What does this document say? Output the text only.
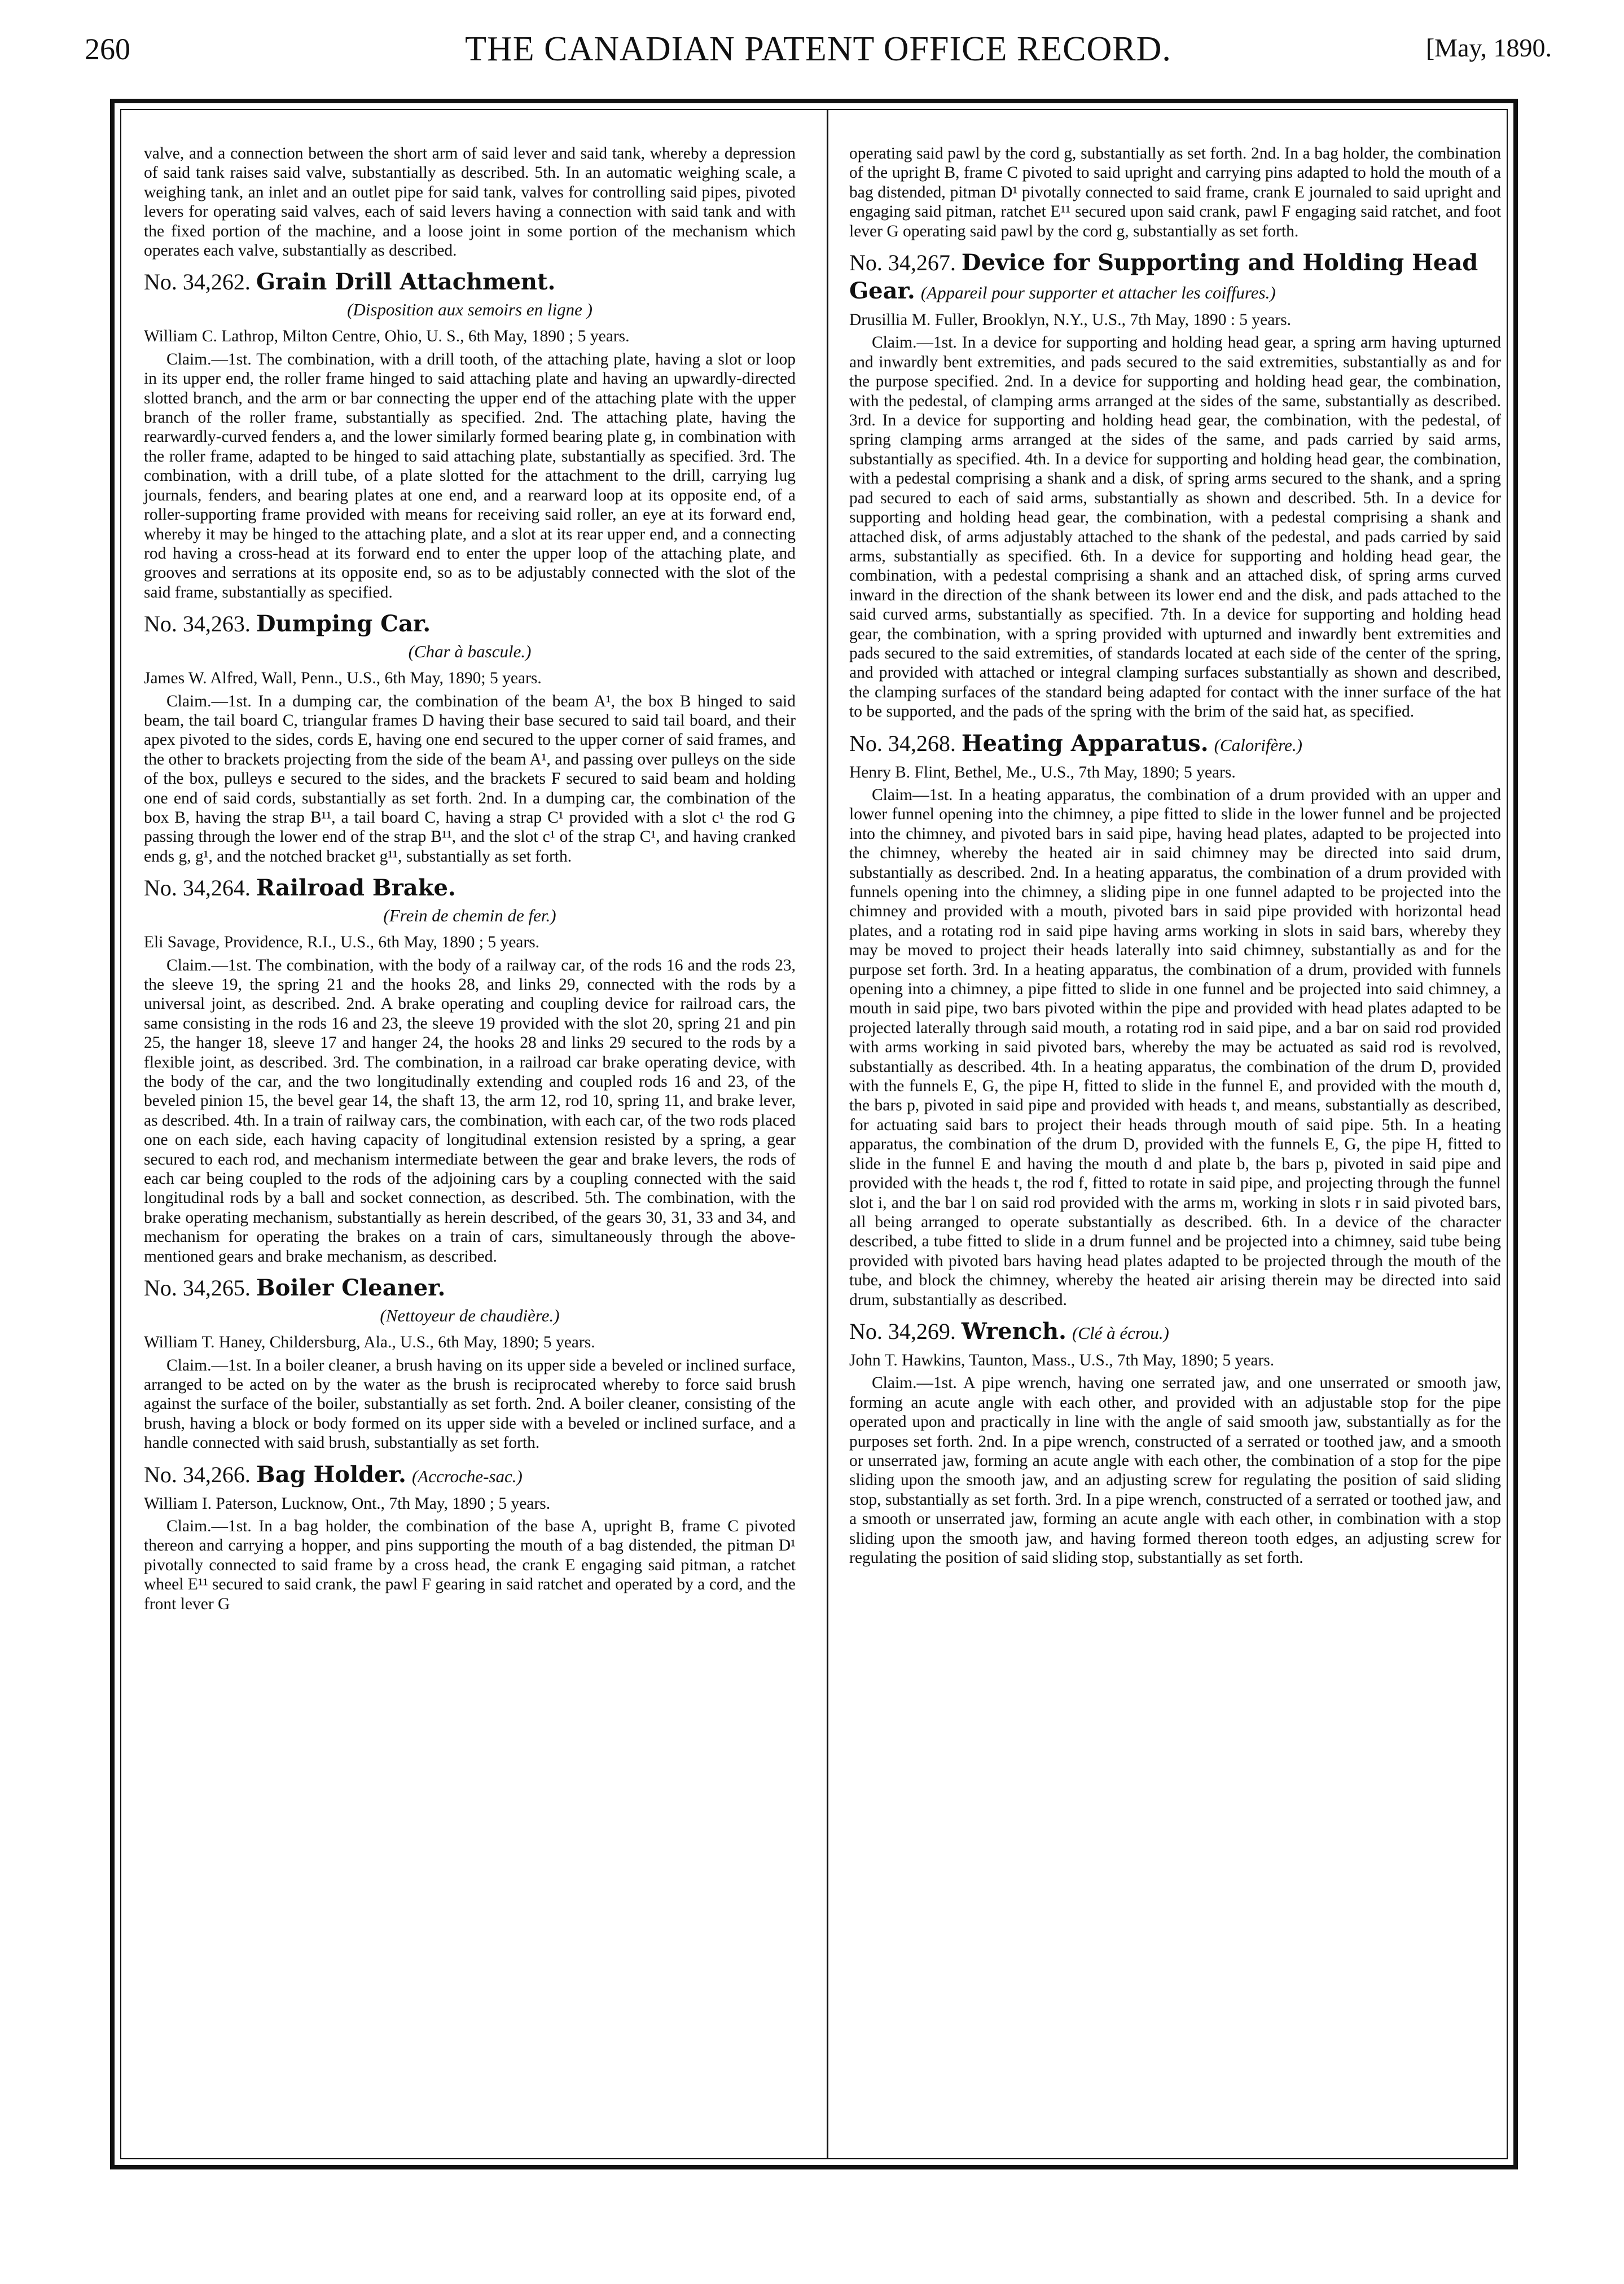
260	THE CANADIAN PATENT OFFICE RECORD.	[May, 1890.

valve, and a connection between the short arm of said lever and said tank, whereby a depression of said tank raises said valve, substantially as described. 5th. In an automatic weighing scale, a weighing tank, an inlet and an outlet pipe for said tank, valves for controlling said pipes, pivoted levers for operating said valves, each of said levers having a connection with said tank and with the fixed portion of the machine, and a loose joint in some portion of the mechanism which operates each valve, substantially as described.

No. 34,262. Grain Drill Attachment.
(Disposition aux semoirs en ligne )

William C. Lathrop, Milton Centre, Ohio, U. S., 6th May, 1890 ; 5 years.

Claim.—1st. The combination, with a drill tooth, of the attaching plate, having a slot or loop in its upper end, the roller frame hinged to said attaching plate and having an upwardly-directed slotted branch, and the arm or bar connecting the upper end of the attaching plate with the upper branch of the roller frame, substantially as specified. 2nd. The attaching plate, having the rearwardly-curved fenders a, and the lower similarly formed bearing plate g, in combination with the roller frame, adapted to be hinged to said attaching plate, substantially as specified. 3rd. The combination, with a drill tube, of a plate slotted for the attachment to the drill, carrying lug journals, fenders, and bearing plates at one end, and a rearward loop at its opposite end, of a roller-supporting frame provided with means for receiving said roller, an eye at its forward end, whereby it may be hinged to the attaching plate, and a slot at its rear upper end, and a connecting rod having a cross-head at its forward end to enter the upper loop of the attaching plate, and grooves and serrations at its opposite end, so as to be adjustably connected with the slot of the said frame, substantially as specified.

No. 34,263. Dumping Car.
(Char à bascule.)

James W. Alfred, Wall, Penn., U.S., 6th May, 1890; 5 years.

Claim.—1st. In a dumping car, the combination of the beam A¹, the box B hinged to said beam, the tail board C, triangular frames D having their base secured to said tail board, and their apex pivoted to the sides, cords E, having one end secured to the upper corner of said frames, and the other to brackets projecting from the side of the beam A¹, and passing over pulleys on the side of the box, pulleys e secured to the sides, and the brackets F secured to said beam and holding one end of said cords, substantially as set forth. 2nd. In a dumping car, the combination of the box B, having the strap B¹¹, a tail board C, having a strap C¹ provided with a slot c¹ the rod G passing through the lower end of the strap B¹¹, and the slot c¹ of the strap C¹, and having cranked ends g, g¹, and the notched bracket g¹¹, substantially as set forth.

No. 34,264. Railroad Brake.
(Frein de chemin de fer.)

Eli Savage, Providence, R.I., U.S., 6th May, 1890 ; 5 years.

Claim.—1st. The combination, with the body of a railway car, of the rods 16 and the rods 23, the sleeve 19, the spring 21 and the hooks 28, and links 29, connected with the rods by a universal joint, as described. 2nd. A brake operating and coupling device for railroad cars, the same consisting in the rods 16 and 23, the sleeve 19 provided with the slot 20, spring 21 and pin 25, the hanger 18, sleeve 17 and hanger 24, the hooks 28 and links 29 secured to the rods by a flexible joint, as described. 3rd. The combination, in a railroad car brake operating device, with the body of the car, and the two longitudinally extending and coupled rods 16 and 23, of the beveled pinion 15, the bevel gear 14, the shaft 13, the arm 12, rod 10, spring 11, and brake lever, as described. 4th. In a train of railway cars, the combination, with each car, of the two rods placed one on each side, each having capacity of longitudinal extension resisted by a spring, a gear secured to each rod, and mechanism intermediate between the gear and brake levers, the rods of each car being coupled to the rods of the adjoining cars by a coupling connected with the said longitudinal rods by a ball and socket connection, as described. 5th. The combination, with the brake operating mechanism, substantially as herein described, of the gears 30, 31, 33 and 34, and mechanism for operating the brakes on a train of cars, simultaneously through the above-mentioned gears and brake mechanism, as described.

No. 34,265. Boiler Cleaner.
(Nettoyeur de chaudière.)

William T. Haney, Childersburg, Ala., U.S., 6th May, 1890; 5 years.

Claim.—1st. In a boiler cleaner, a brush having on its upper side a beveled or inclined surface, arranged to be acted on by the water as the brush is reciprocated whereby to force said brush against the surface of the boiler, substantially as set forth. 2nd. A boiler cleaner, consisting of the brush, having a block or body formed on its upper side with a beveled or inclined surface, and a handle connected with said brush, substantially as set forth.

No. 34,266. Bag Holder. (Accroche-sac.)

William I. Paterson, Lucknow, Ont., 7th May, 1890 ; 5 years.

Claim.—1st. In a bag holder, the combination of the base A, upright B, frame C pivoted thereon and carrying a hopper, and pins supporting the mouth of a bag distended, the pitman D¹ pivotally connected to said frame by a cross head, the crank E engaging said pitman, a ratchet wheel E¹¹ secured to said crank, the pawl F gearing in said ratchet and operated by a cord, and the front lever G

operating said pawl by the cord g, substantially as set forth. 2nd. In a bag holder, the combination of the upright B, frame C pivoted to said upright and carrying pins adapted to hold the mouth of a bag distended, pitman D¹ pivotally connected to said frame, crank E journaled to said upright and engaging said pitman, ratchet E¹¹ secured upon said crank, pawl F engaging said ratchet, and foot lever G operating said pawl by the cord g, substantially as set forth.

No. 34,267. Device for Supporting and Holding Head Gear. (Appareil pour supporter et attacher les coiffures.)

Drusillia M. Fuller, Brooklyn, N.Y., U.S., 7th May, 1890 : 5 years.

Claim.—1st. In a device for supporting and holding head gear, a spring arm having upturned and inwardly bent extremities, and pads secured to the said extremities, substantially as and for the purpose specified. 2nd. In a device for supporting and holding head gear, the combination, with the pedestal, of clamping arms arranged at the sides of the same, substantially as described. 3rd. In a device for supporting and holding head gear, the combination, with the pedestal, of spring clamping arms arranged at the sides of the same, and pads carried by said arms, substantially as specified. 4th. In a device for supporting and holding head gear, the combination, with a pedestal comprising a shank and a disk, of spring arms secured to the shank, and a spring pad secured to each of said arms, substantially as shown and described. 5th. In a device for supporting and holding head gear, the combination, with a pedestal comprising a shank and attached disk, of arms adjustably attached to the shank of the pedestal, and pads carried by said arms, substantially as specified. 6th. In a device for supporting and holding head gear, the combination, with a pedestal comprising a shank and an attached disk, of spring arms curved inward in the direction of the shank between its lower end and the disk, and pads attached to the said curved arms, substantially as specified. 7th. In a device for supporting and holding head gear, the combination, with a spring provided with upturned and inwardly bent extremities and pads secured to the said extremities, of standards located at each side of the center of the spring, and provided with attached or integral clamping surfaces substantially as shown and described, the clamping surfaces of the standard being adapted for contact with the inner surface of the hat to be supported, and the pads of the spring with the brim of the said hat, as specified.

No. 34,268. Heating Apparatus. (Calorifère.)

Henry B. Flint, Bethel, Me., U.S., 7th May, 1890; 5 years.

Claim—1st. In a heating apparatus, the combination of a drum provided with an upper and lower funnel opening into the chimney, a pipe fitted to slide in the lower funnel and be projected into the chimney, and pivoted bars in said pipe, having head plates, adapted to be projected into the chimney, whereby the heated air in said chimney may be directed into said drum, substantially as described. 2nd. In a heating apparatus, the combination of a drum provided with funnels opening into the chimney, a sliding pipe in one funnel adapted to be projected into the chimney and provided with a mouth, pivoted bars in said pipe provided with horizontal head plates, and a rotating rod in said pipe having arms working in slots in said bars, whereby they may be moved to project their heads laterally into said chimney, substantially as and for the purpose set forth. 3rd. In a heating apparatus, the combination of a drum, provided with funnels opening into a chimney, a pipe fitted to slide in one funnel and be projected into said chimney, a mouth in said pipe, two bars pivoted within the pipe and provided with head plates adapted to be projected laterally through said mouth, a rotating rod in said pipe, and a bar on said rod provided with arms working in said pivoted bars, whereby the may be actuated as said rod is revolved, substantially as described. 4th. In a heating apparatus, the combination of the drum D, provided with the funnels E, G, the pipe H, fitted to slide in the funnel E, and provided with the mouth d, the bars p, pivoted in said pipe and provided with heads t, and means, substantially as described, for actuating said bars to project their heads through mouth of said pipe. 5th. In a heating apparatus, the combination of the drum D, provided with the funnels E, G, the pipe H, fitted to slide in the funnel E and having the mouth d and plate b, the bars p, pivoted in said pipe and provided with the heads t, the rod f, fitted to rotate in said pipe, and projecting through the funnel slot i, and the bar l on said rod provided with the arms m, working in slots r in said pivoted bars, all being arranged to operate substantially as described. 6th. In a device of the character described, a tube fitted to slide in a drum funnel and be projected into a chimney, said tube being provided with pivoted bars having head plates adapted to be projected through the mouth of the tube, and block the chimney, whereby the heated air arising therein may be directed into said drum, substantially as described.

No. 34,269. Wrench. (Clé à écrou.)

John T. Hawkins, Taunton, Mass., U.S., 7th May, 1890; 5 years.

Claim.—1st. A pipe wrench, having one serrated jaw, and one unserrated or smooth jaw, forming an acute angle with each other, and provided with an adjustable stop for the pipe operated upon and practically in line with the angle of said smooth jaw, substantially as for the purposes set forth. 2nd. In a pipe wrench, constructed of a serrated or toothed jaw, and a smooth or unserrated jaw, forming an acute angle with each other, the combination of a stop for the pipe sliding upon the smooth jaw, and an adjusting screw for regulating the position of said sliding stop, substantially as set forth. 3rd. In a pipe wrench, constructed of a serrated or toothed jaw, and a smooth or unserrated jaw, forming an acute angle with each other, in combination with a stop sliding upon the smooth jaw, and having formed thereon tooth edges, an adjusting screw for regulating the position of said sliding stop, substantially as set forth.
